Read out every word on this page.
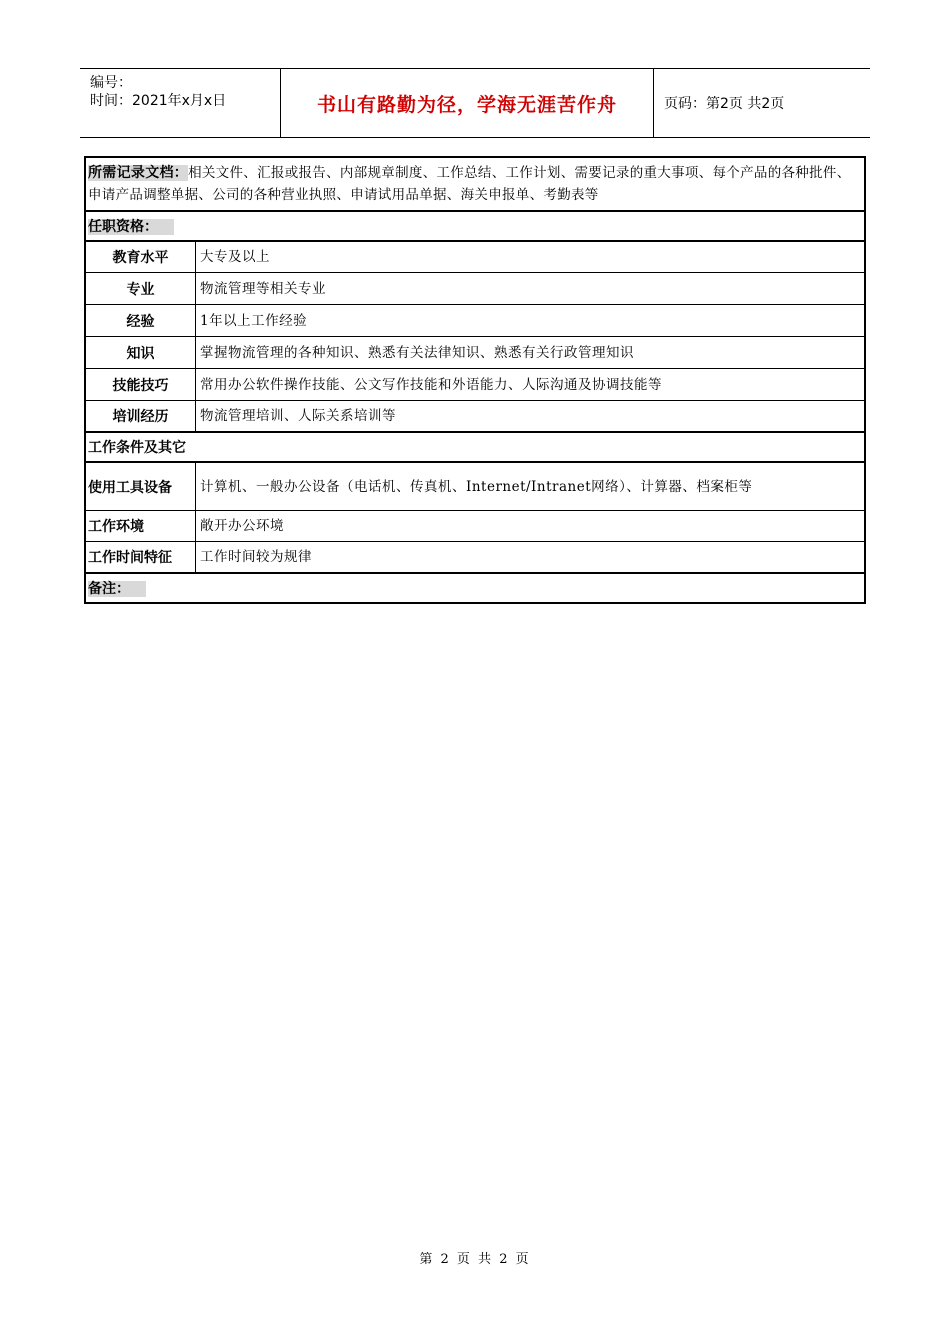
编号：
时间：2021年x月x日	书山有路勤为径，学海无涯苦作舟	页码：第2页 共2页
所需记录文档：相关文件、汇报或报告、内部规章制度、工作总结、工作计划、需要记录的重大事项、每个产品的各种批件、申请产品调整单据、公司的各种营业执照、申请试用品单据、海关申报单、考勤表等
任职资格：
教育水平	大专及以上
专业	物流管理等相关专业
经验	1年以上工作经验
知识	掌握物流管理的各种知识、熟悉有关法律知识、熟悉有关行政管理知识
技能技巧	常用办公软件操作技能、公文写作技能和外语能力、人际沟通及协调技能等
培训经历	物流管理培训、人际关系培训等
工作条件及其它
使用工具设备	计算机、一般办公设备（电话机、传真机、Internet/Intranet网络）、计算器、档案柜等
工作环境	敞开办公环境
工作时间特征	工作时间较为规律
备注：
第 2 页 共 2 页
